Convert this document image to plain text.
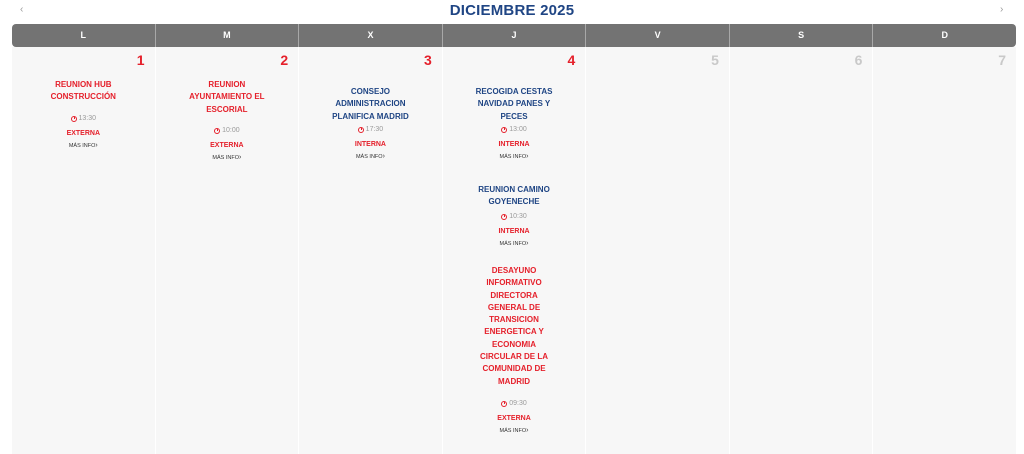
‹	DICIEMBRE 2025	›
L	M	X	J	V	S	D
1
REUNION HUB
CONSTRUCCIÓN
13:30
EXTERNA
MÁS INFO›
2
REUNION
AYUNTAMIENTO EL
ESCORIAL
10:00
EXTERNA
MÁS INFO›
3
CONSEJO
ADMINISTRACION
PLANIFICA MADRID
17:30
INTERNA
MÁS INFO›
4
RECOGIDA CESTAS
NAVIDAD PANES Y
PECES
13:00
INTERNA
MÁS INFO›
REUNION CAMINO
GOYENECHE
10:30
INTERNA
MÁS INFO›
DESAYUNO
INFORMATIVO
DIRECTORA
GENERAL DE
TRANSICION
ENERGETICA Y
ECONOMIA
CIRCULAR DE LA
COMUNIDAD DE
MADRID
09:30
EXTERNA
MÁS INFO›
5	6	7
